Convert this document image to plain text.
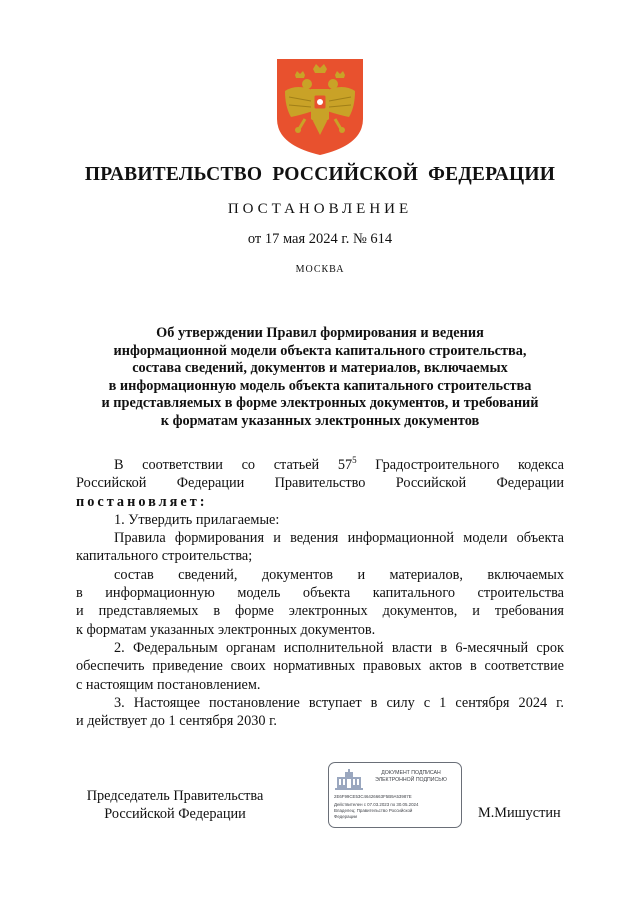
ПРАВИТЕЛЬСТВО РОССИЙСКОЙ ФЕДЕРАЦИИ
ПОСТАНОВЛЕНИЕ
от 17 мая 2024 г. № 614
МОСКВА
Об утверждении Правил формирования и ведения
информационной модели объекта капитального строительства,
состава сведений, документов и материалов, включаемых
в информационную модель объекта капитального строительства
и представляемых в форме электронных документов, и требований
к форматам указанных электронных документов

В соответствии со статьей $57^5$ Градостроительного кодекса

Российской Федерации Правительство Российской Федерации

постановляет:

1. Утвердить прилагаемые:

Правила формирования и ведения информационной модели объекта

капитального строительства;

состав сведений, документов и материалов, включаемых

в информационную модель объекта капитального строительства

и представляемых в форме электронных документов, и требования

к форматам указанных электронных документов.

2. Федеральным органам исполнительной власти в 6-месячный срок

обеспечить приведение своих нормативных правовых актов в соответствие

с настоящим постановлением.

3. Настоящее постановление вступает в силу с 1 сентября 2024 г.

и действует до 1 сентября 2030 г.

Председатель Правительства
Российской Федерации
ДОКУМЕНТ ПОДПИСАН
ЭЛЕКТРОННОЙ ПОДПИСЬЮ
2E6F99CE53C46426663F5B9A53987E
Действителен с 07.03.2023 по 30.05.2024
Владелец: Правительство Российской
Федерации	М.Мишустин
